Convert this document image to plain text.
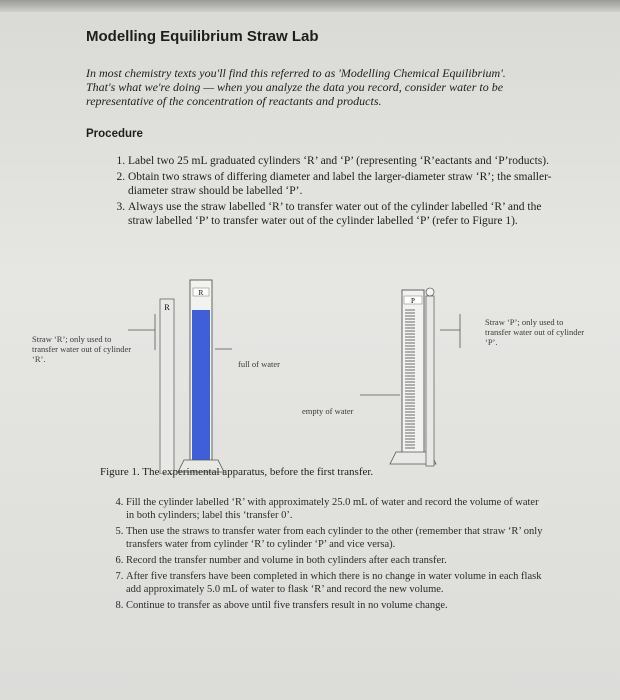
Modelling Equilibrium Straw Lab
In most chemistry texts you'll find this referred to as 'Modelling Chemical Equilibrium'. That's what we're doing — when you analyze the data you record, consider water to be representative of the concentration of reactants and products.
Procedure
1. Label two 25 mL graduated cylinders ‘R’ and ‘P’ (representing ‘R’eactants and ‘P’roducts).
2. Obtain two straws of differing diameter and label the larger-diameter straw ‘R’; the smaller-diameter straw should be labelled ‘P’.
3. Always use the straw labelled ‘R’ to transfer water out of the cylinder labelled ‘R’ and the straw labelled ‘P’ to transfer water out of the cylinder labelled ‘P’ (refer to Figure 1).
R
R
P
Straw ‘R’; only used to transfer water out of cylinder ‘R’.	full of water
empty of water
Straw ‘P’; only used to transfer water out of cylinder ‘P’.
Figure 1. The experimental apparatus, before the first transfer.
4. Fill the cylinder labelled ‘R’ with approximately 25.0 mL of water and record the volume of water in both cylinders; label this ‘transfer 0’.
5. Then use the straws to transfer water from each cylinder to the other (remember that straw ‘R’ only transfers water from cylinder ‘R’ to cylinder ‘P’ and vice versa).
6. Record the transfer number and volume in both cylinders after each transfer.
7. After five transfers have been completed in which there is no change in water volume in each flask add approximately 5.0 mL of water to flask ‘R’ and record the new volume.
8. Continue to transfer as above until five transfers result in no volume change.
